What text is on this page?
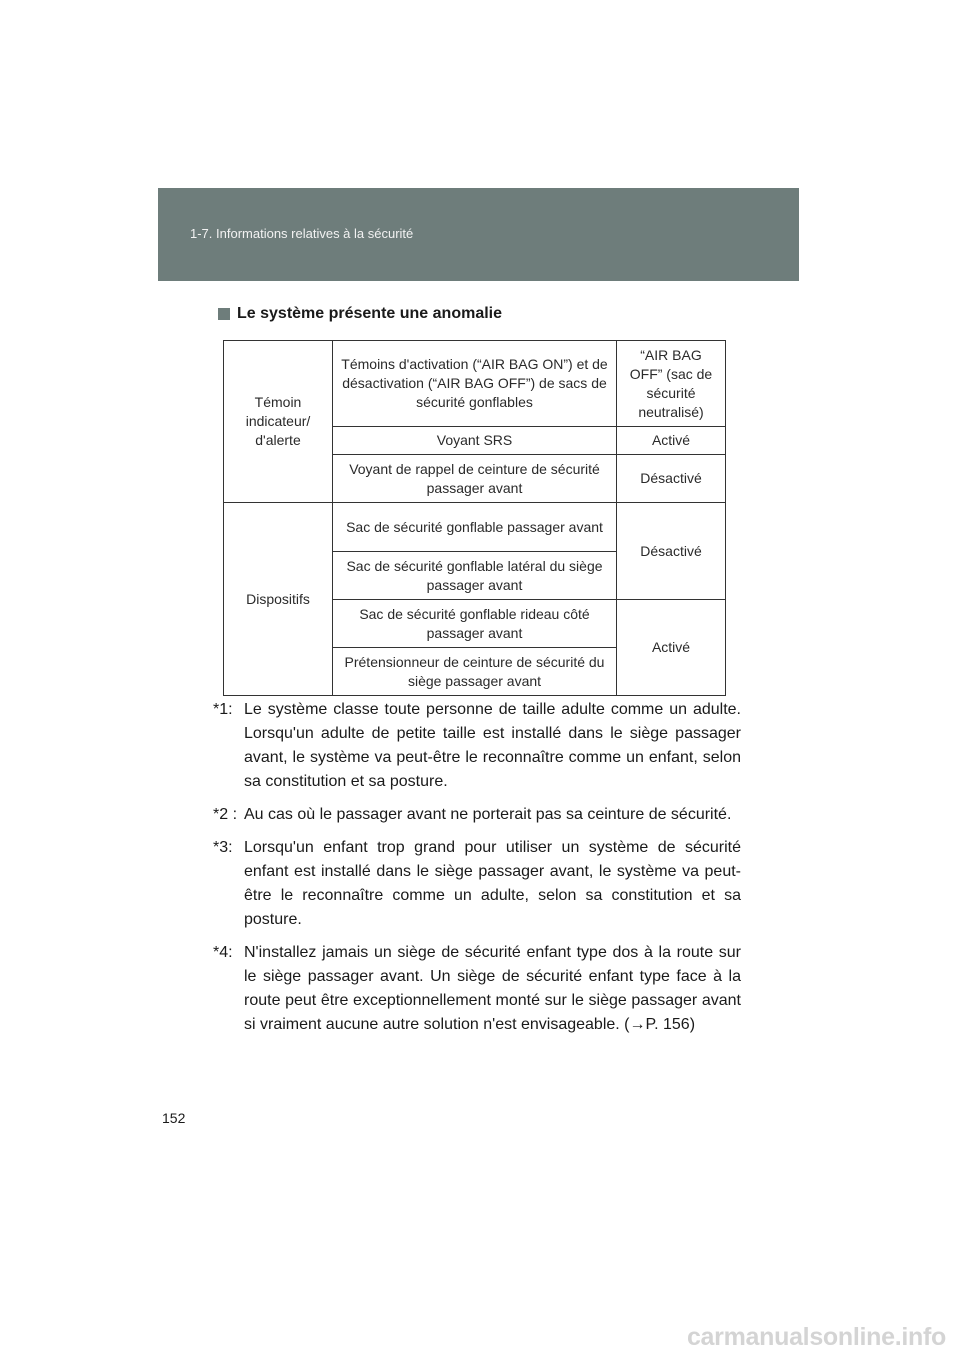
1-7. Informations relatives à la sécurité
Le système présente une anomalie
Témoin indicateur/ d'alerte	Témoins d'activation (“AIR BAG ON”) et de désactivation (“AIR BAG OFF”) de sacs de sécurité gonflables	“AIR BAG OFF” (sac de sécurité neutralisé)
	Voyant SRS	Activé
	Voyant de rappel de ceinture de sécurité passager avant	Désactivé
Dispositifs	Sac de sécurité gonflable passager avant	Désactivé
	Sac de sécurité gonflable latéral du siège passager avant	
	Sac de sécurité gonflable rideau côté passager avant	Activé
	Prétensionneur de ceinture de sécurité du siège passager avant	
*1: Le système classe toute personne de taille adulte comme un adulte. Lorsqu'un adulte de petite taille est installé dans le siège passager avant, le système va peut-être le reconnaître comme un enfant, selon sa constitution et sa posture.
*2 : Au cas où le passager avant ne porterait pas sa ceinture de sécurité.
*3: Lorsqu'un enfant trop grand pour utiliser un système de sécurité enfant est installé dans le siège passager avant, le système va peut-être le reconnaître comme un adulte, selon sa constitution et sa posture.
*4: N'installez jamais un siège de sécurité enfant type dos à la route sur le siège passager avant. Un siège de sécurité enfant type face à la route peut être exceptionnellement monté sur le siège passager avant si vraiment aucune autre solution n'est envisageable. (→P. 156)
152
carmanualsonline.info
